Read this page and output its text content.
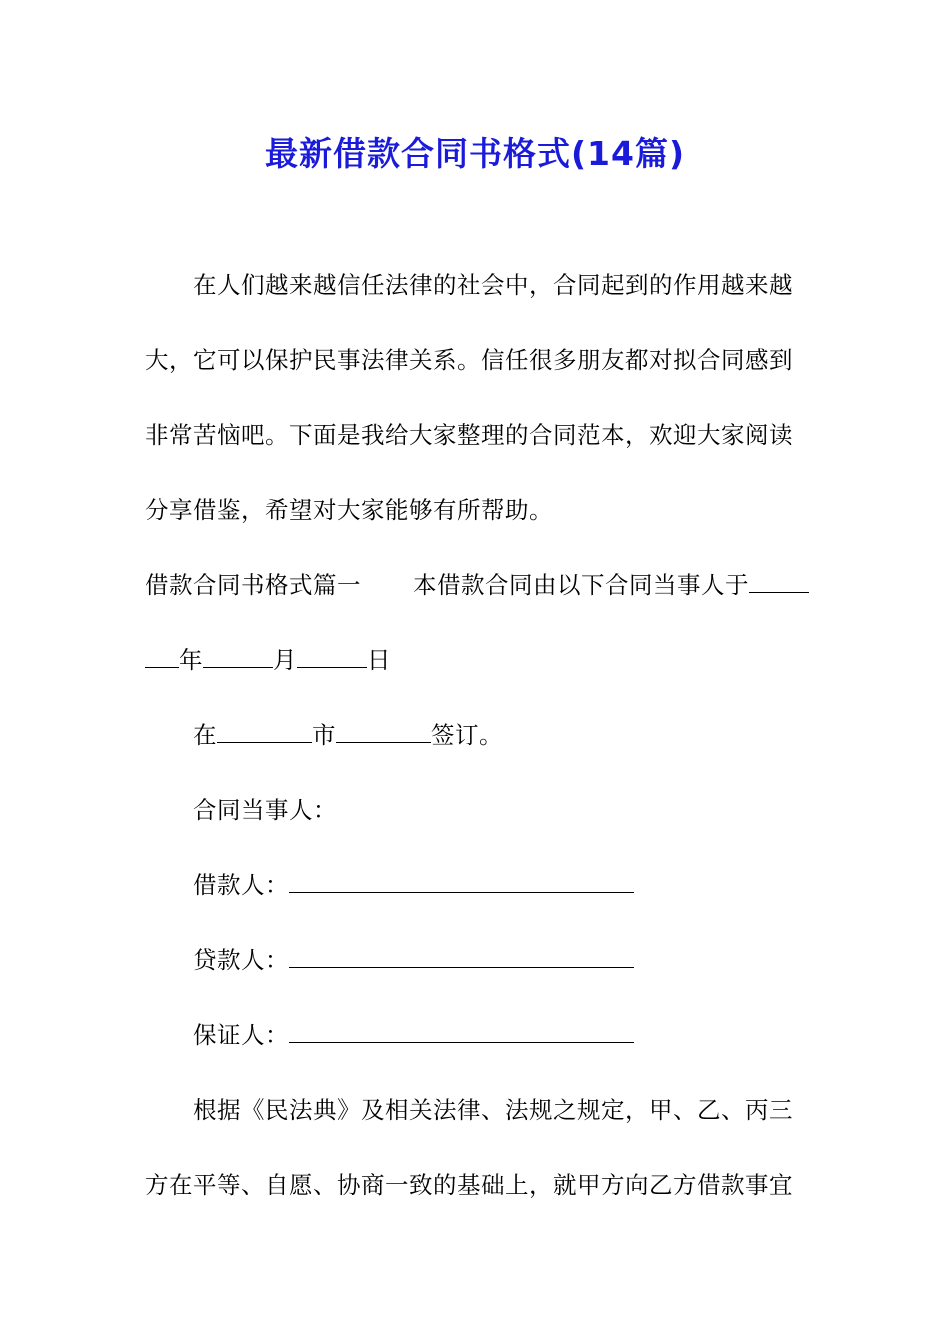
最新借款合同书格式(14篇)
在人们越来越信任法律的社会中，合同起到的作用越来越
大，它可以保护民事法律关系。信任很多朋友都对拟合同感到
非常苦恼吧。下面是我给大家整理的合同范本，欢迎大家阅读
分享借鉴，希望对大家能够有所帮助。
借款合同书格式篇一 本借款合同由以下合同当事人于
年	月	日
在	市	签订。
合同当事人：
借款人：
贷款人：
保证人：
根据《民法典》及相关法律、法规之规定，甲、乙、丙三
方在平等、自愿、协商一致的基础上，就甲方向乙方借款事宜
